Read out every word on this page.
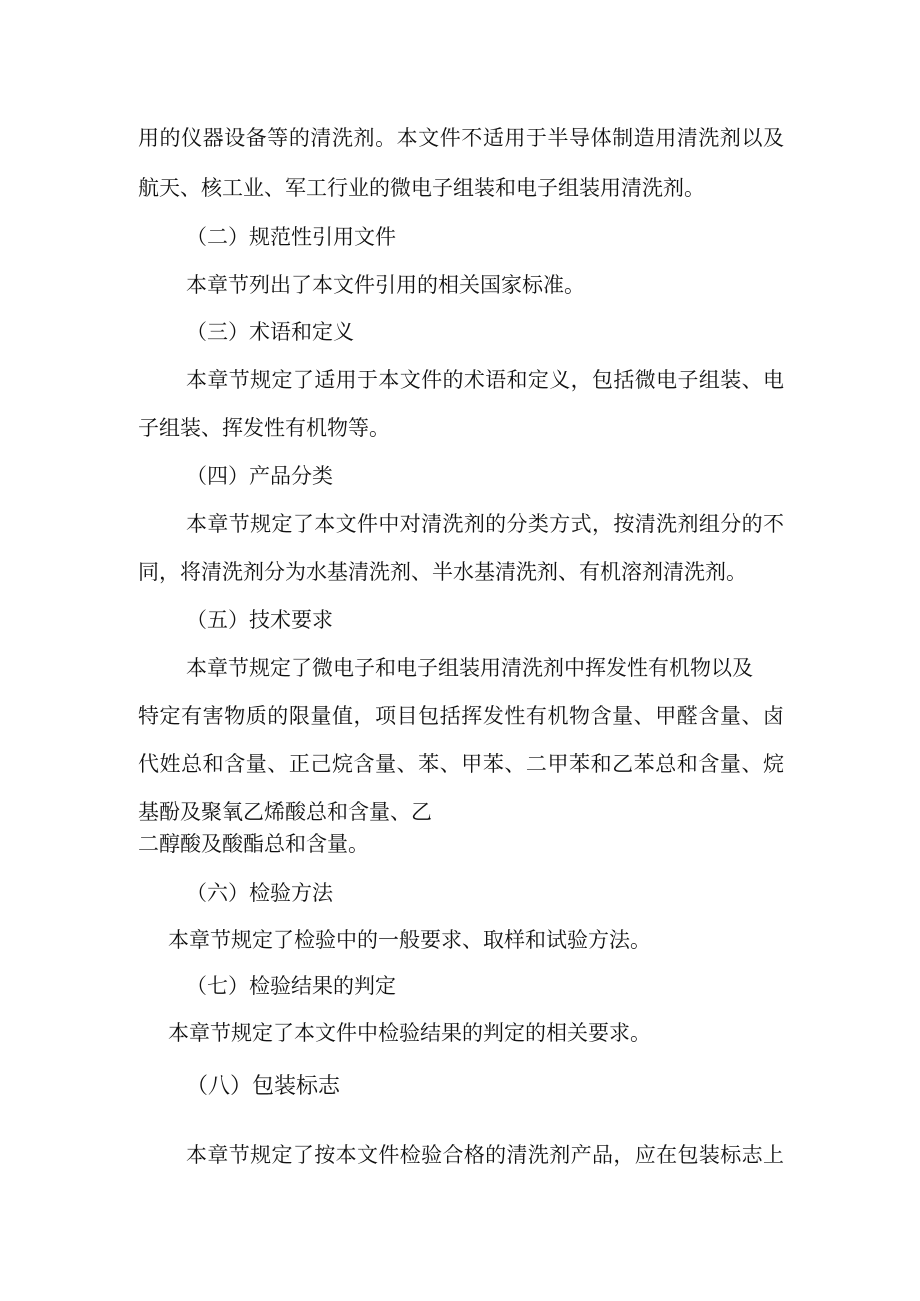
用的仪器设备等的清洗剂。本文件不适用于半导体制造用清洗剂以及

航天、核工业、军工行业的微电子组装和电子组装用清洗剂。

（二）规范性引用文件

本章节列出了本文件引用的相关国家标准。

（三）术语和定义

本章节规定了适用于本文件的术语和定义，包括微电子组装、电

子组装、挥发性有机物等。

（四）产品分类

本章节规定了本文件中对清洗剂的分类方式，按清洗剂组分的不

同，将清洗剂分为水基清洗剂、半水基清洗剂、有机溶剂清洗剂。

（五）技术要求

本章节规定了微电子和电子组装用清洗剂中挥发性有机物以及

特定有害物质的限量值，项目包括挥发性有机物含量、甲醛含量、卤

代姓总和含量、正己烷含量、苯、甲苯、二甲苯和乙苯总和含量、烷

基酚及聚氧乙烯酸总和含量、乙

二醇酸及酸酯总和含量。

（六）检验方法

本章节规定了检验中的一般要求、取样和试验方法。

（七）检验结果的判定

本章节规定了本文件中检验结果的判定的相关要求。

（八）包装标志

本章节规定了按本文件检验合格的清洗剂产品，应在包装标志上
